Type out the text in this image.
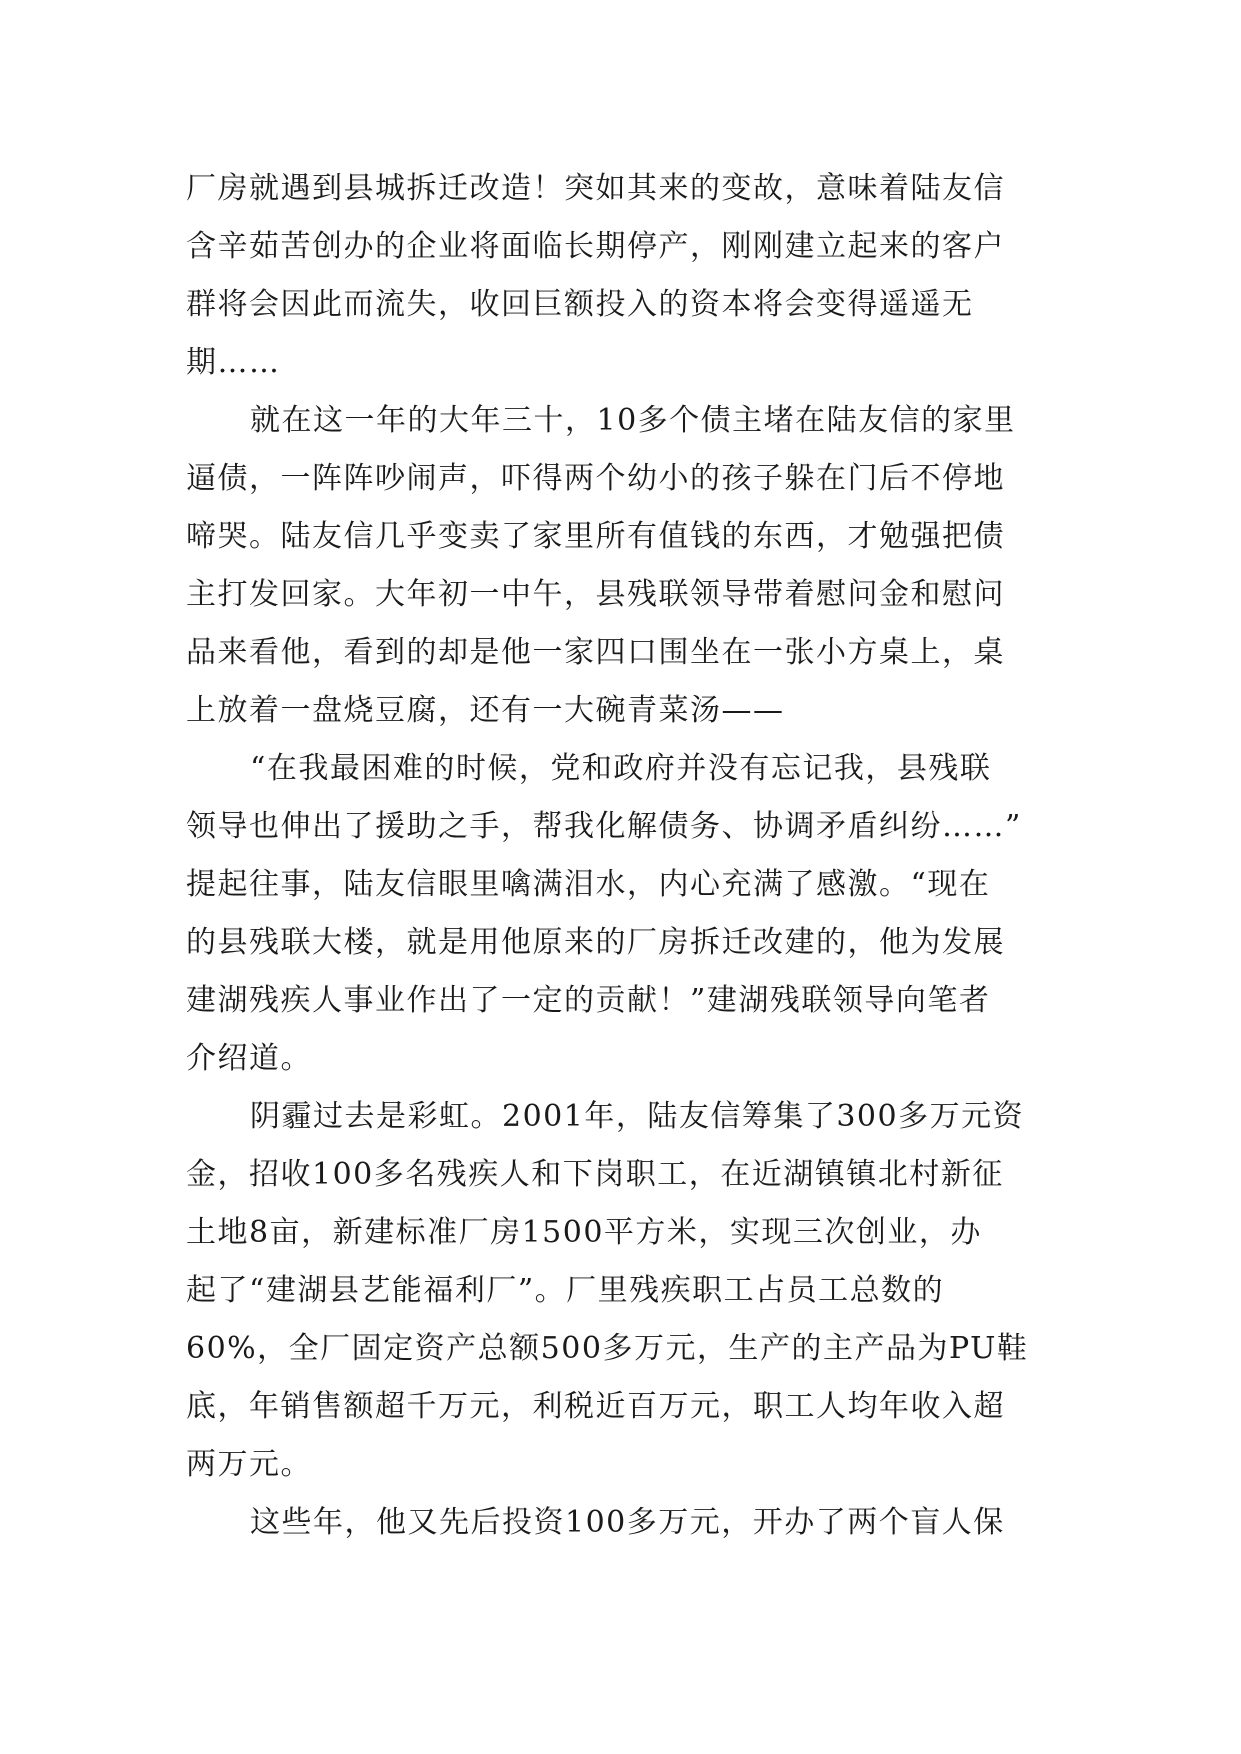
厂房就遇到县城拆迁改造！突如其来的变故，意味着陆友信
含辛茹苦创办的企业将面临长期停产，刚刚建立起来的客户
群将会因此而流失，收回巨额投入的资本将会变得遥遥无
期……

就在这一年的大年三十，10多个债主堵在陆友信的家里
逼债，一阵阵吵闹声，吓得两个幼小的孩子躲在门后不停地
啼哭。陆友信几乎变卖了家里所有值钱的东西，才勉强把债
主打发回家。大年初一中午，县残联领导带着慰问金和慰问
品来看他，看到的却是他一家四口围坐在一张小方桌上，桌
上放着一盘烧豆腐，还有一大碗青菜汤——

“在我最困难的时候，党和政府并没有忘记我，县残联
领导也伸出了援助之手，帮我化解债务、协调矛盾纠纷……”
提起往事，陆友信眼里噙满泪水，内心充满了感激。“现在
的县残联大楼，就是用他原来的厂房拆迁改建的，他为发展
建湖残疾人事业作出了一定的贡献！”建湖残联领导向笔者
介绍道。

阴霾过去是彩虹。2001年，陆友信筹集了300多万元资
金，招收100多名残疾人和下岗职工，在近湖镇镇北村新征
土地8亩，新建标准厂房1500平方米，实现三次创业，办
起了“建湖县艺能福利厂”。厂里残疾职工占员工总数的
60%，全厂固定资产总额500多万元，生产的主产品为PU鞋
底，年销售额超千万元，利税近百万元，职工人均年收入超
两万元。

这些年，他又先后投资100多万元，开办了两个盲人保
